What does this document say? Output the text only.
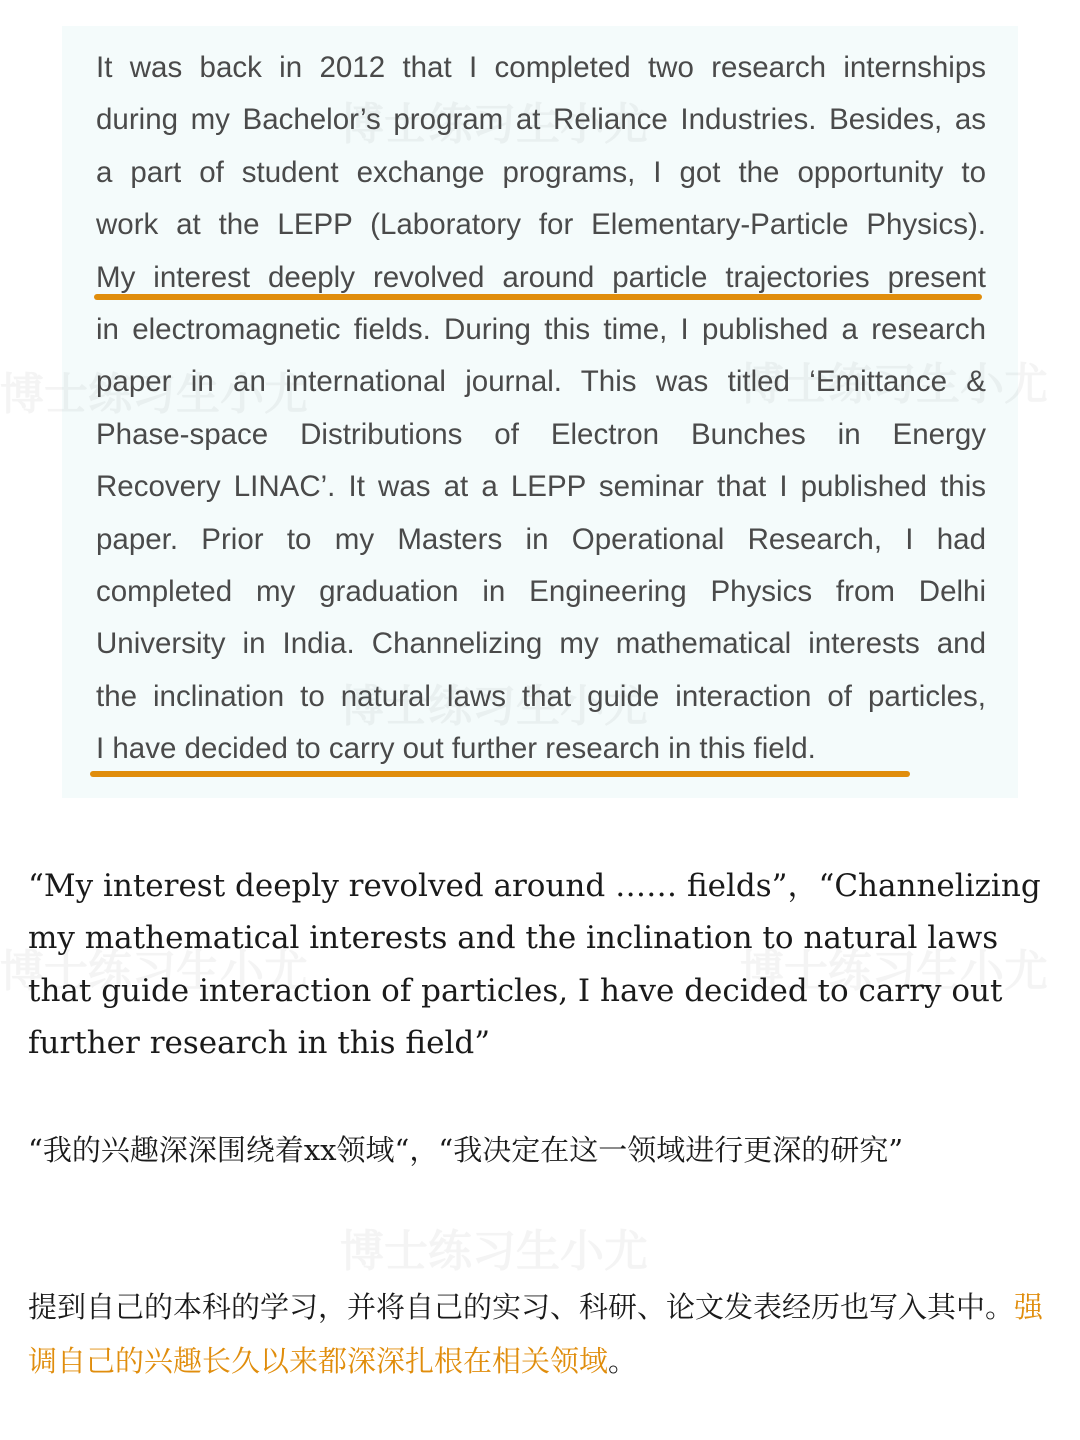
It was back in 2012 that I completed two research internships
during my Bachelor’s program at Reliance Industries. Besides, as
a part of student exchange programs, I got the opportunity to
work at the LEPP (Laboratory for Elementary-Particle Physics).
My interest deeply revolved around particle trajectories present
in electromagnetic fields. During this time, I published a research
paper in an international journal. This was titled ‘Emittance &
Phase-space Distributions of Electron Bunches in Energy
Recovery LINAC’. It was at a LEPP seminar that I published this
paper. Prior to my Masters in Operational Research, I had
completed my graduation in Engineering Physics from Delhi
University in India. Channelizing my mathematical interests and
the inclination to natural laws that guide interaction of particles,
I have decided to carry out further research in this field.

“My interest deeply revolved around …… fields”，“Channelizing my mathematical interests and the inclination to natural laws that guide interaction of particles, I have decided to carry out further research in this field”

“我的兴趣深深围绕着xx领域“，“我决定在这一领域进行更深的研究”

提到自己的本科的学习，并将自己的实习、科研、论文发表经历也写入其中。强调自己的兴趣长久以来都深深扎根在相关领域。
